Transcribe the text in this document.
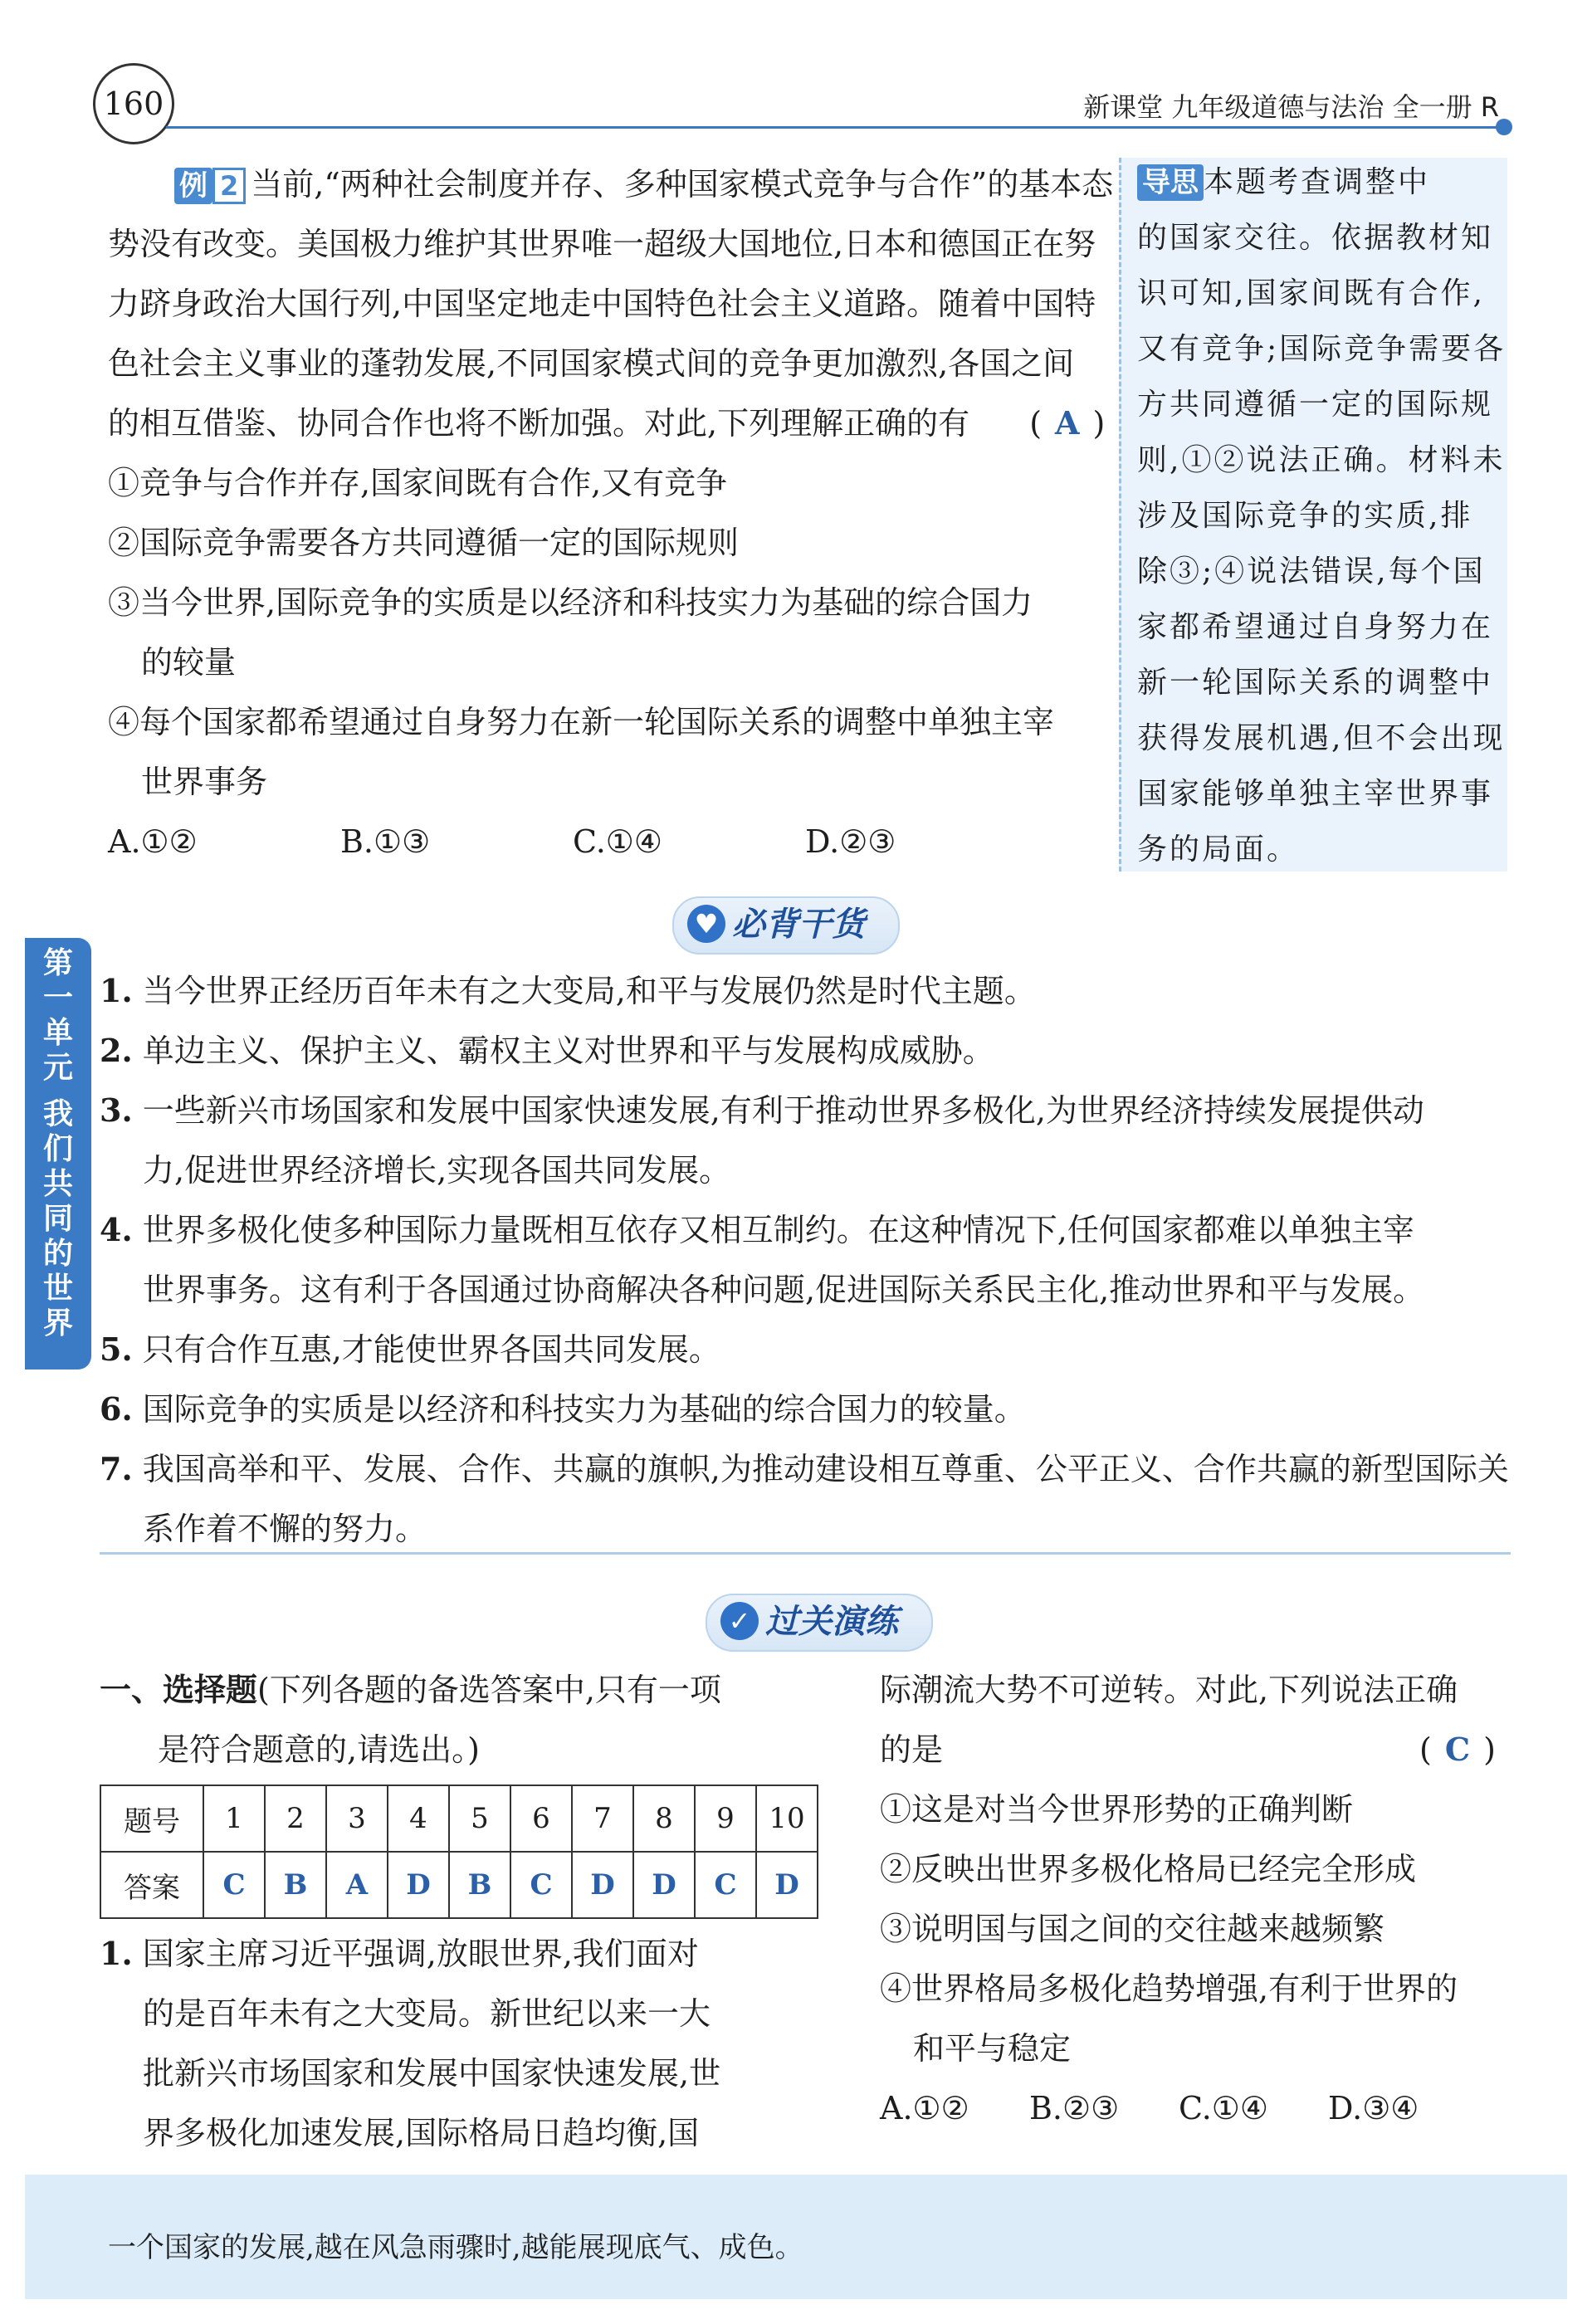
160	新课堂 九年级道德与法治 全一册 R
导思 本题考查调整中
的国家交往。依据教材知
识可知,国家间既有合作,
又有竞争;国际竞争需要各
方共同遵循一定的国际规
则,①②说法正确。材料未
涉及国际竞争的实质,排
除③;④说法错误,每个国
家都希望通过自身努力在
新一轮国际关系的调整中
获得发展机遇,但不会出现
国家能够单独主宰世界事
务的局面。
例 2 当前,“两种社会制度并存、多种国家模式竞争与合作”的基本态
势没有改变。美国极力维护其世界唯一超级大国地位,日本和德国正在努
力跻身政治大国行列,中国坚定地走中国特色社会主义道路。随着中国特
色社会主义事业的蓬勃发展,不同国家模式间的竞争更加激烈,各国之间
的相互借鉴、协同合作也将不断加强。对此,下列理解正确的有 ( A )
①竞争与合作并存,国家间既有合作,又有竞争
②国际竞争需要各方共同遵循一定的国际规则
③当今世界,国际竞争的实质是以经济和科技实力为基础的综合国力
的较量
④每个国家都希望通过自身努力在新一轮国际关系的调整中单独主宰
世界事务
A.①②	B.①③	C.①④	D.②③
♥ 必背干货
第
一
单
元
我
们
共
同
的
世
界
1. 当今世界正经历百年未有之大变局,和平与发展仍然是时代主题。
2. 单边主义、保护主义、霸权主义对世界和平与发展构成威胁。
3. 一些新兴市场国家和发展中国家快速发展,有利于推动世界多极化,为世界经济持续发展提供动
力,促进世界经济增长,实现各国共同发展。
4. 世界多极化使多种国际力量既相互依存又相互制约。在这种情况下,任何国家都难以单独主宰
世界事务。这有利于各国通过协商解决各种问题,促进国际关系民主化,推动世界和平与发展。
5. 只有合作互惠,才能使世界各国共同发展。
6. 国际竞争的实质是以经济和科技实力为基础的综合国力的较量。
7. 我国高举和平、发展、合作、共赢的旗帜,为推动建设相互尊重、公平正义、合作共赢的新型国际关
系作着不懈的努力。
✓ 过关演练
一、选择题(下列各题的备选答案中,只有一项
是符合题意的,请选出。)
题号	1	2	3	4	5	6	7	8	9	10
答案	C	B	A	D	B	C	D	D	C	D
1. 国家主席习近平强调,放眼世界,我们面对
的是百年未有之大变局。新世纪以来一大
批新兴市场国家和发展中国家快速发展,世
界多极化加速发展,国际格局日趋均衡,国
际潮流大势不可逆转。对此,下列说法正确
的是	( C )
①这是对当今世界形势的正确判断
②反映出世界多极化格局已经完全形成
③说明国与国之间的交往越来越频繁
④世界格局多极化趋势增强,有利于世界的
和平与稳定
A.①② B.②③ C.①④ D.③④
一个国家的发展,越在风急雨骤时,越能展现底气、成色。
